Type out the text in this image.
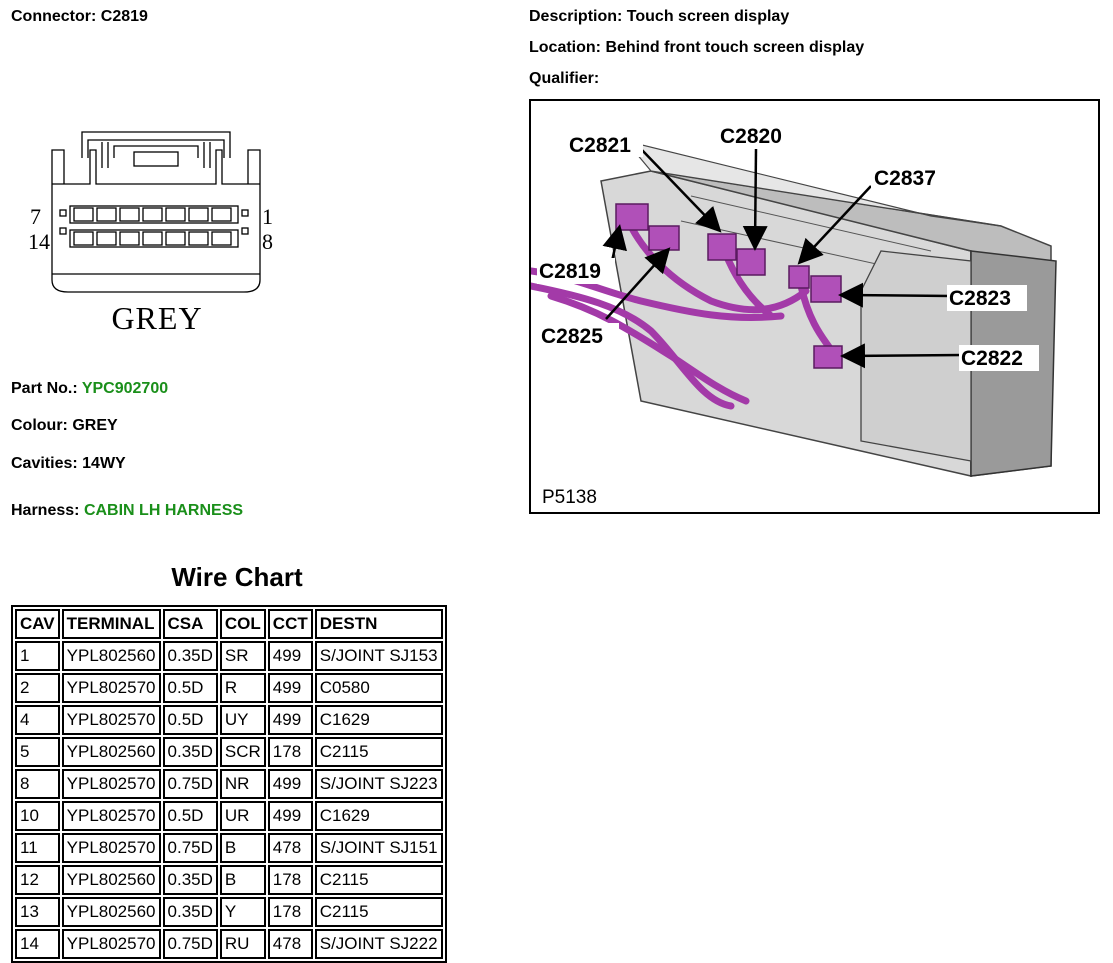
Connector: C2819	Description: Touch screen display
Location: Behind front touch screen display
Qualifier:
7
14
1
8
GREY
Part No.: YPC902700
Colour: GREY
Cavities: 14WY
Harness: CABIN LH HARNESS
C2821	C2820
C2837
C2819
C2823
C2825
C2822
P5138
Wire Chart
CAV	TERMINAL	CSA	COL	CCT	DESTN
1	YPL802560	0.35D	SR	499	S/JOINT SJ153
2	YPL802570	0.5D	R	499	C0580
4	YPL802570	0.5D	UY	499	C1629
5	YPL802560	0.35D	SCR	178	C2115
8	YPL802570	0.75D	NR	499	S/JOINT SJ223
10	YPL802570	0.5D	UR	499	C1629
11	YPL802570	0.75D	B	478	S/JOINT SJ151
12	YPL802560	0.35D	B	178	C2115
13	YPL802560	0.35D	Y	178	C2115
14	YPL802570	0.75D	RU	478	S/JOINT SJ222
